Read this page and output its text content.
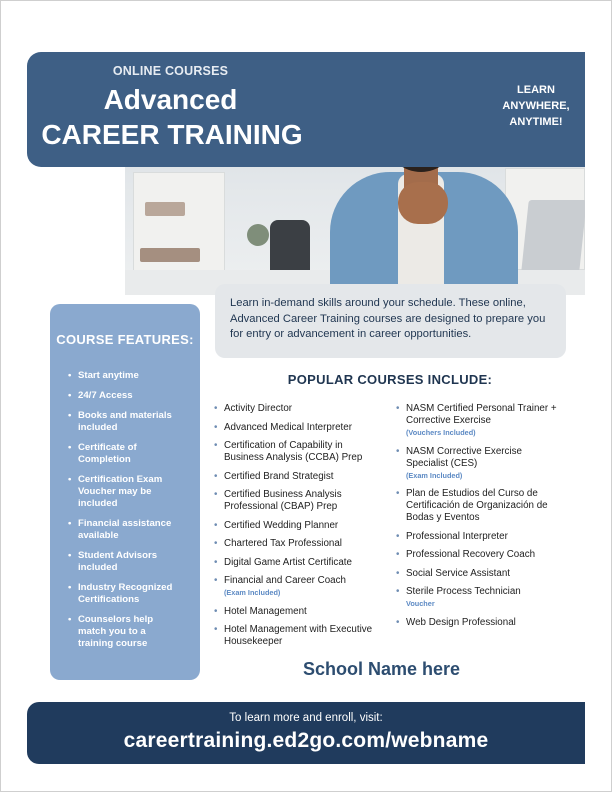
ONLINE COURSES
Advanced
CAREER TRAINING
LEARN
ANYWHERE,
ANYTIME!
Learn in-demand skills around your schedule. These online, Advanced Career Training courses are designed to prepare you for entry or advancement in career opportunities.
COURSE FEATURES:
• Start anytime
• 24/7 Access
• Books and materials included
• Certificate of Completion
• Certification Exam Voucher may be included
• Financial assistance available
• Student Advisors included
• Industry Recognized Certifications
• Counselors help match you to a training course
POPULAR COURSES INCLUDE:
• Activity Director
• Advanced Medical Interpreter
• Certification of Capability in Business Analysis (CCBA) Prep
• Certified Brand Strategist
• Certified Business Analysis Professional (CBAP) Prep
• Certified Wedding Planner
• Chartered Tax Professional
• Digital Game Artist Certificate
• Financial and Career Coach
(Exam Included)
• Hotel Management
• Hotel Management with Executive Housekeeper
• NASM Certified Personal Trainer + Corrective Exercise
(Vouchers Included)
• NASM Corrective Exercise Specialist (CES)
(Exam Included)
• Plan de Estudios del Curso de Certificación de Organización de Bodas y Eventos
• Professional Interpreter
• Professional Recovery Coach
• Social Service Assistant
• Sterile Process Technician
Voucher
• Web Design Professional
School Name here
To learn more and enroll, visit:
careertraining.ed2go.com/webname
